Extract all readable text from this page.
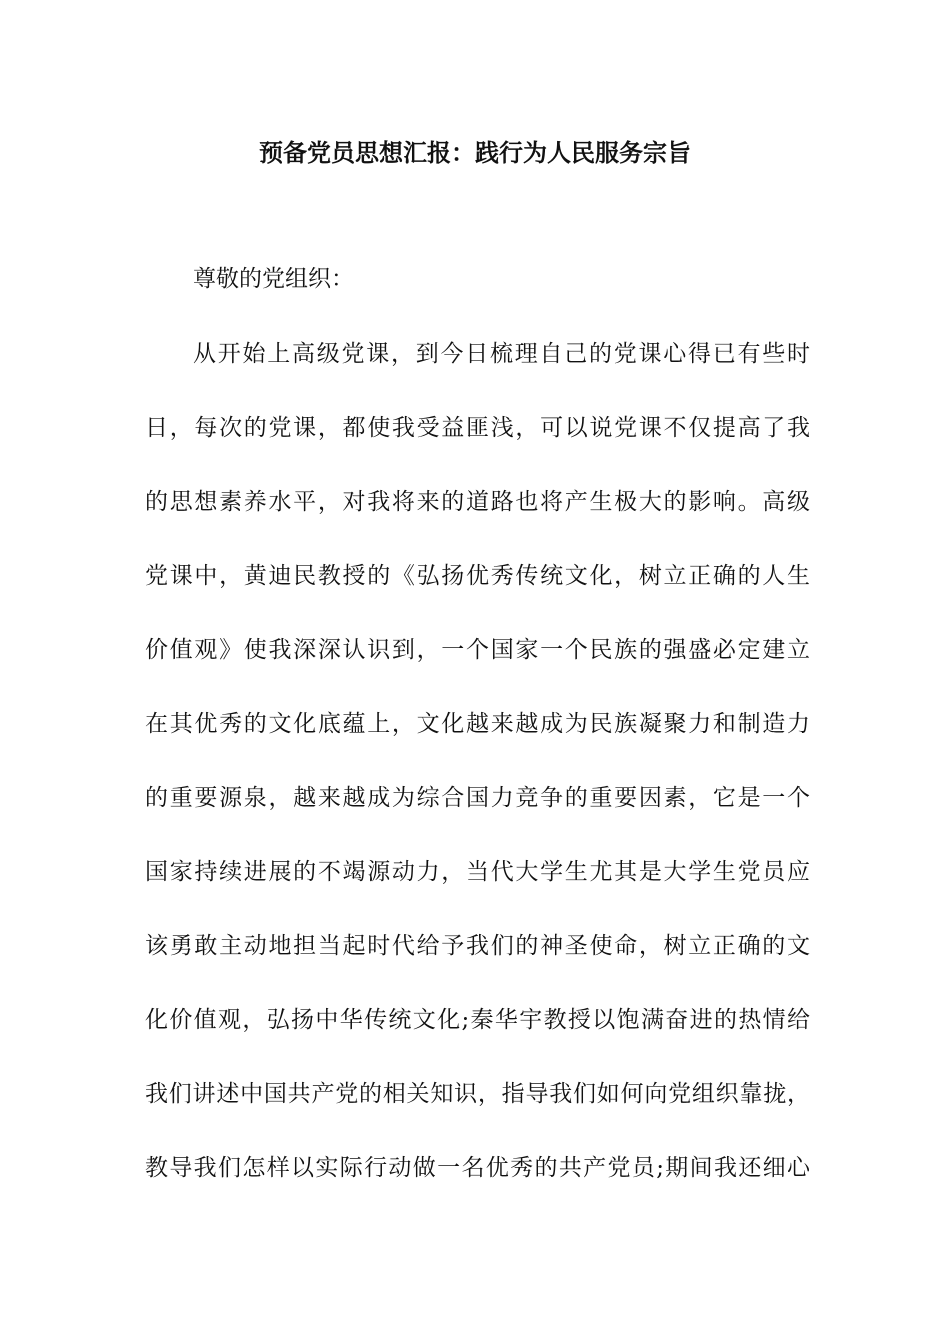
预备党员思想汇报：践行为人民服务宗旨
尊敬的党组织：
从开始上高级党课，到今日梳理自己的党课心得已有些时
日，每次的党课，都使我受益匪浅，可以说党课不仅提高了我
的思想素养水平，对我将来的道路也将产生极大的影响。高级
党课中，黄迪民教授的《弘扬优秀传统文化，树立正确的人生
价值观》使我深深认识到，一个国家一个民族的强盛必定建立
在其优秀的文化底蕴上，文化越来越成为民族凝聚力和制造力
的重要源泉，越来越成为综合国力竞争的重要因素，它是一个
国家持续进展的不竭源动力，当代大学生尤其是大学生党员应
该勇敢主动地担当起时代给予我们的神圣使命，树立正确的文
化价值观，弘扬中华传统文化;秦华宇教授以饱满奋进的热情给
我们讲述中国共产党的相关知识，指导我们如何向党组织靠拢，
教导我们怎样以实际行动做一名优秀的共产党员;期间我还细心
